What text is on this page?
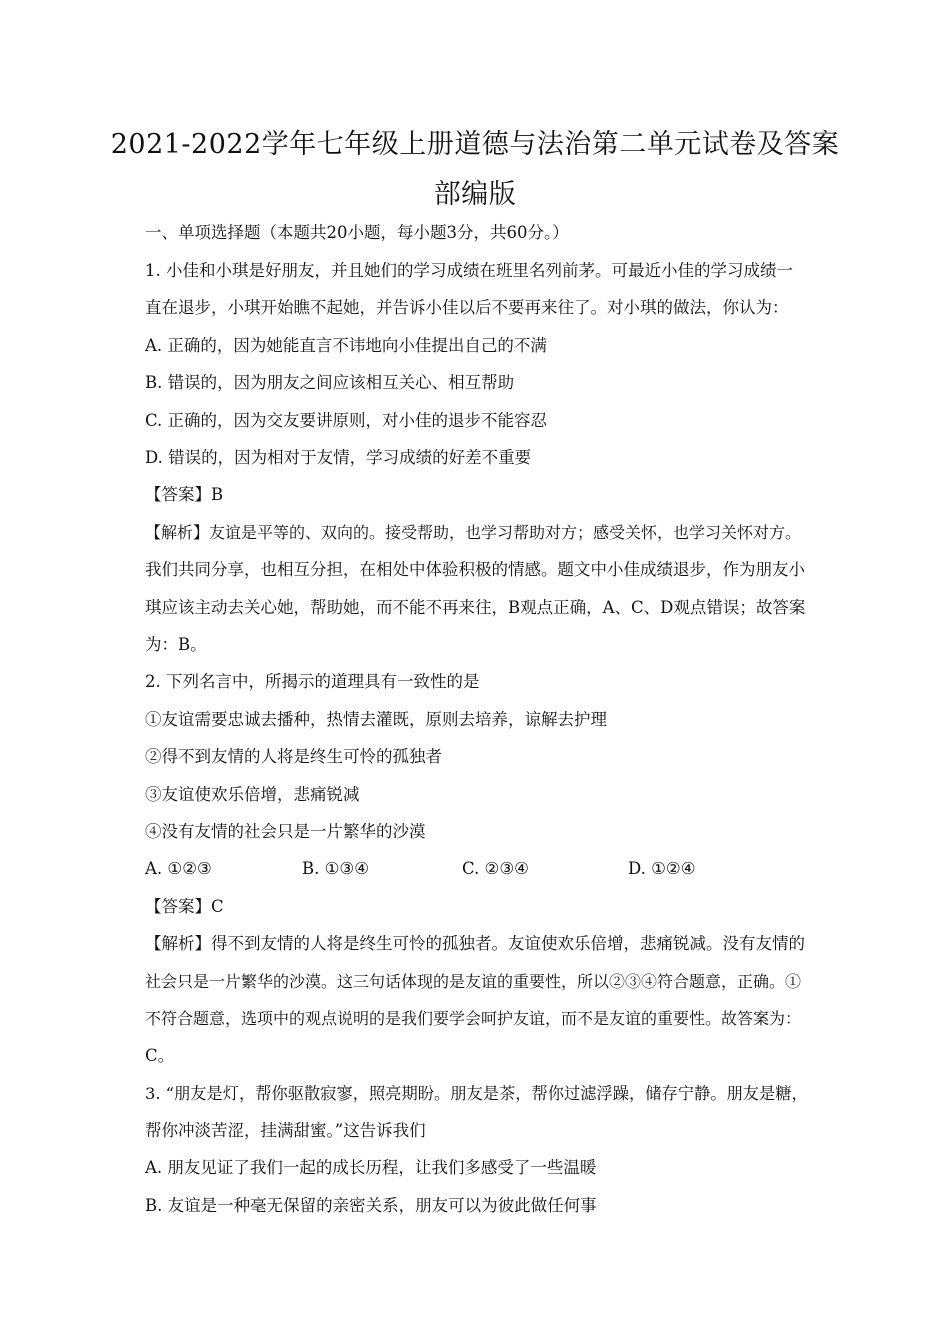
2021-2022学年七年级上册道德与法治第二单元试卷及答案
部编版
一、单项选择题（本题共20小题，每小题3分，共60分。）
1. 小佳和小琪是好朋友，并且她们的学习成绩在班里名列前茅。可最近小佳的学习成绩一
直在退步，小琪开始瞧不起她，并告诉小佳以后不要再来往了。对小琪的做法，你认为：
A. 正确的，因为她能直言不讳地向小佳提出自己的不满
B. 错误的，因为朋友之间应该相互关心、相互帮助
C. 正确的，因为交友要讲原则，对小佳的退步不能容忍
D. 错误的，因为相对于友情，学习成绩的好差不重要
【答案】B
【解析】友谊是平等的、双向的。接受帮助，也学习帮助对方；感受关怀，也学习关怀对方。
我们共同分享，也相互分担，在相处中体验积极的情感。题文中小佳成绩退步，作为朋友小
琪应该主动去关心她，帮助她，而不能不再来往，B观点正确，A、C、D观点错误；故答案
为：B。
2. 下列名言中，所揭示的道理具有一致性的是
①友谊需要忠诚去播种，热情去灌既，原则去培养，谅解去护理
②得不到友情的人将是终生可怜的孤独者
③友谊使欢乐倍增，悲痛锐减
④没有友情的社会只是一片繁华的沙漠
A. ①②③	B. ①③④	C. ②③④	D. ①②④
【答案】C
【解析】得不到友情的人将是终生可怜的孤独者。友谊使欢乐倍增，悲痛锐减。没有友情的
社会只是一片繁华的沙漠。这三句话体现的是友谊的重要性，所以②③④符合题意，正确。①
不符合题意，选项中的观点说明的是我们要学会呵护友谊，而不是友谊的重要性。故答案为：
C。
3. “朋友是灯，帮你驱散寂寥，照亮期盼。朋友是茶，帮你过滤浮躁，储存宁静。朋友是糖，
帮你冲淡苦涩，挂满甜蜜。”这告诉我们
A. 朋友见证了我们一起的成长历程，让我们多感受了一些温暖
B. 友谊是一种毫无保留的亲密关系，朋友可以为彼此做任何事
